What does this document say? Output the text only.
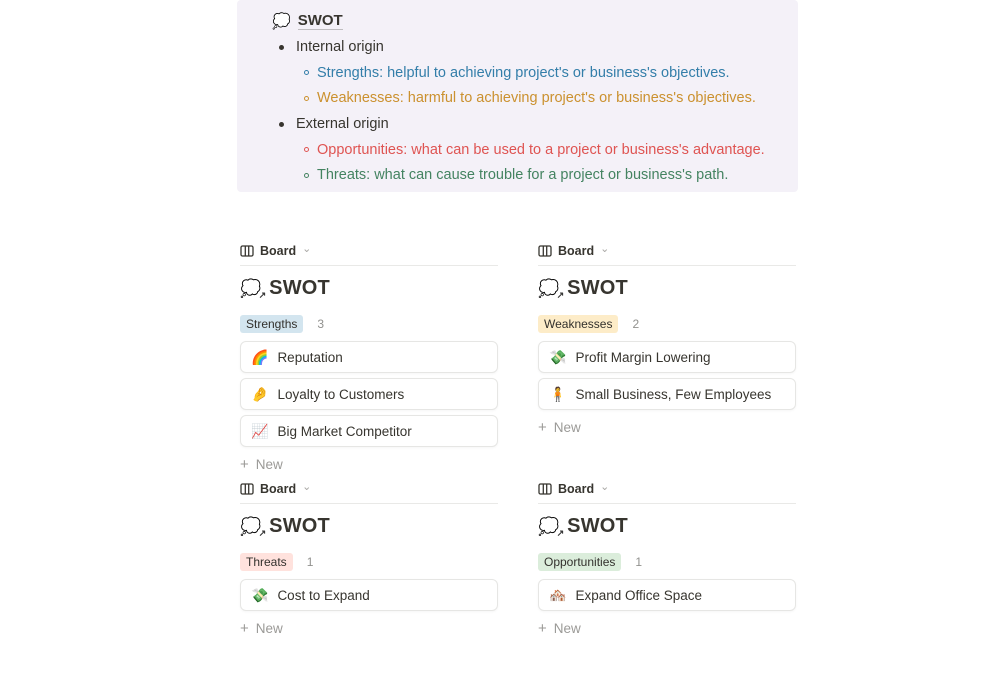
💭 SWOT
Internal origin
Strengths: helpful to achieving project's or business's objectives.
Weaknesses: harmful to achieving project's or business's objectives.
External origin
Opportunities: what can be used to a project or business's advantage.
Threats: what can cause trouble for a project or business's path.
Board ⌄
💭
↗ SWOT
Strengths	3
🌈 Reputation
🤌 Loyalty to Customers
📈 Big Market Competitor
+ New
Board ⌄
💭
↗ SWOT
Weaknesses	2
💸 Profit Margin Lowering
🧍 Small Business, Few Employees
+ New
Board ⌄
💭
↗ SWOT
Threats	1
💸 Cost to Expand
+ New
Board ⌄
💭
↗ SWOT
Opportunities	1
🏘️ Expand Office Space
+ New
